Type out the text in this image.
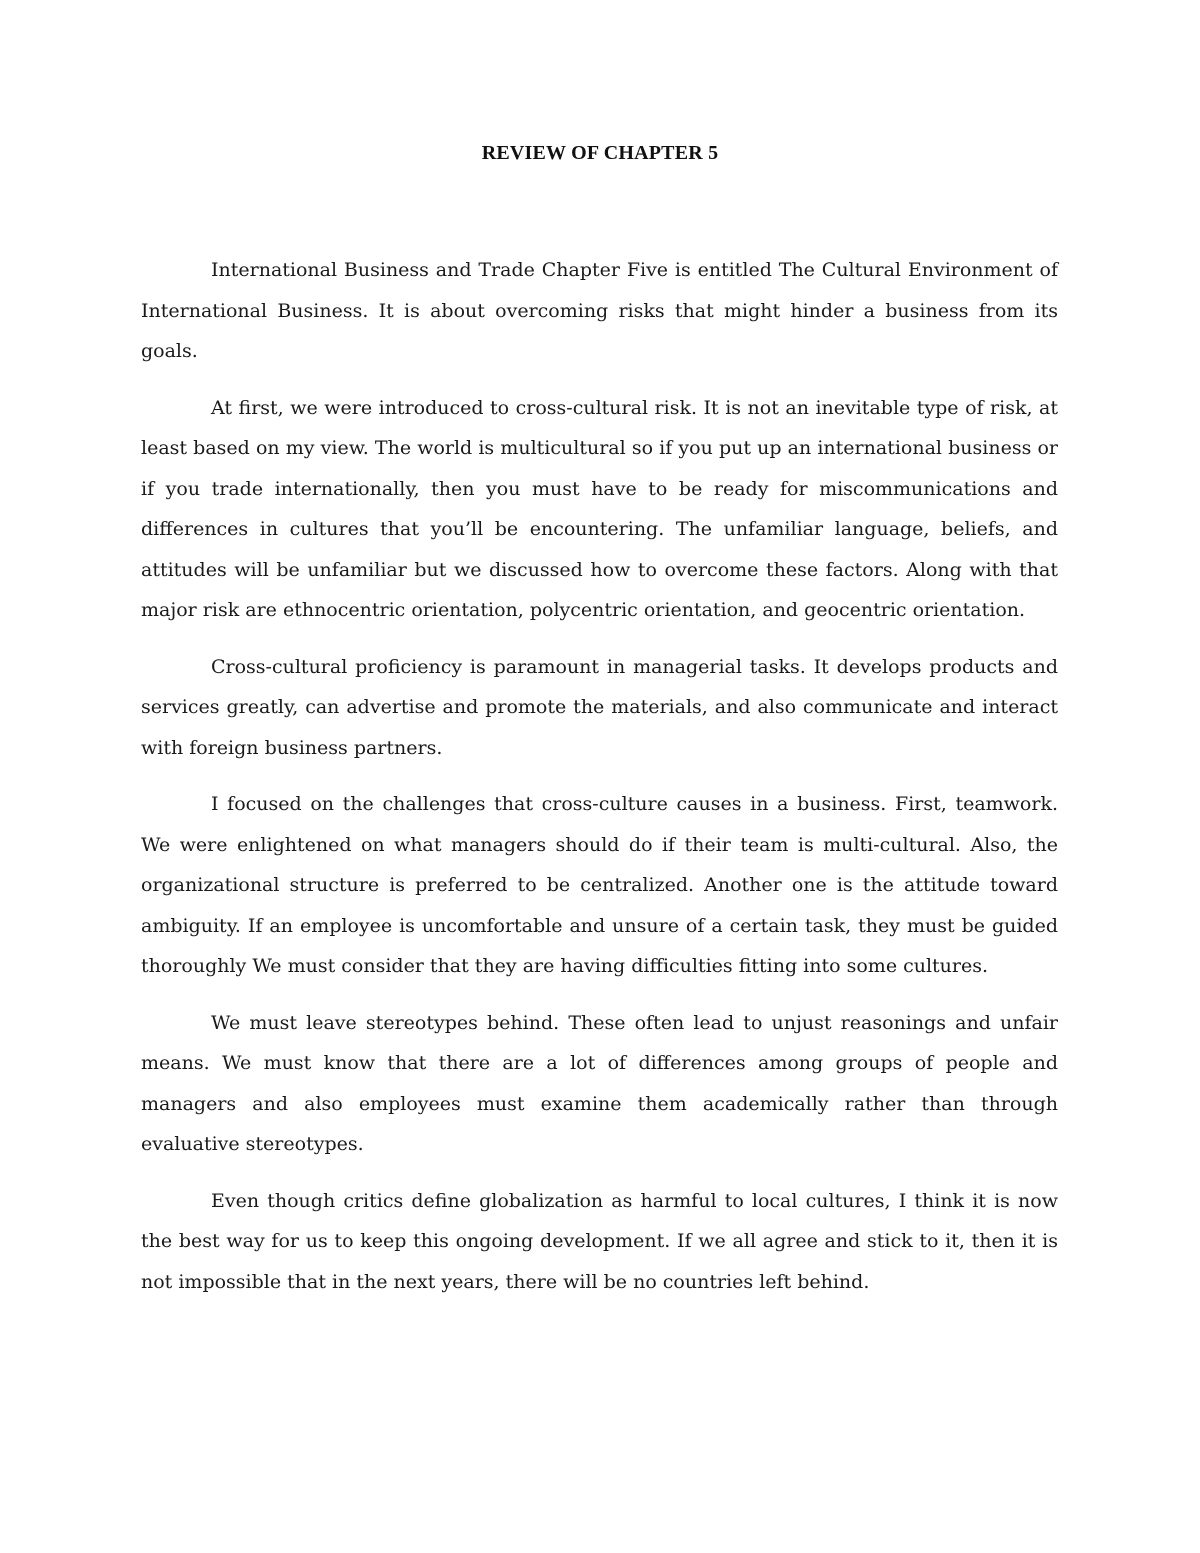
REVIEW OF CHAPTER 5

International Business and Trade Chapter Five is entitled The Cultural Environment of International Business. It is about overcoming risks that might hinder a business from its goals.

At first, we were introduced to cross-cultural risk. It is not an inevitable type of risk, at least based on my view. The world is multicultural so if you put up an international business or if you trade internationally, then you must have to be ready for miscommunications and differences in cultures that you’ll be encountering. The unfamiliar language, beliefs, and attitudes will be unfamiliar but we discussed how to overcome these factors. Along with that major risk are ethnocentric orientation, polycentric orientation, and geocentric orientation.

Cross-cultural proficiency is paramount in managerial tasks. It develops products and services greatly, can advertise and promote the materials, and also communicate and interact with foreign business partners.

I focused on the challenges that cross-culture causes in a business. First, teamwork. We were enlightened on what managers should do if their team is multi-cultural. Also, the organizational structure is preferred to be centralized. Another one is the attitude toward ambiguity. If an employee is uncomfortable and unsure of a certain task, they must be guided thoroughly We must consider that they are having difficulties fitting into some cultures.

We must leave stereotypes behind. These often lead to unjust reasonings and unfair means. We must know that there are a lot of differences among groups of people and managers and also employees must examine them academically rather than through evaluative stereotypes.

Even though critics define globalization as harmful to local cultures, I think it is now the best way for us to keep this ongoing development. If we all agree and stick to it, then it is not impossible that in the next years, there will be no countries left behind.
